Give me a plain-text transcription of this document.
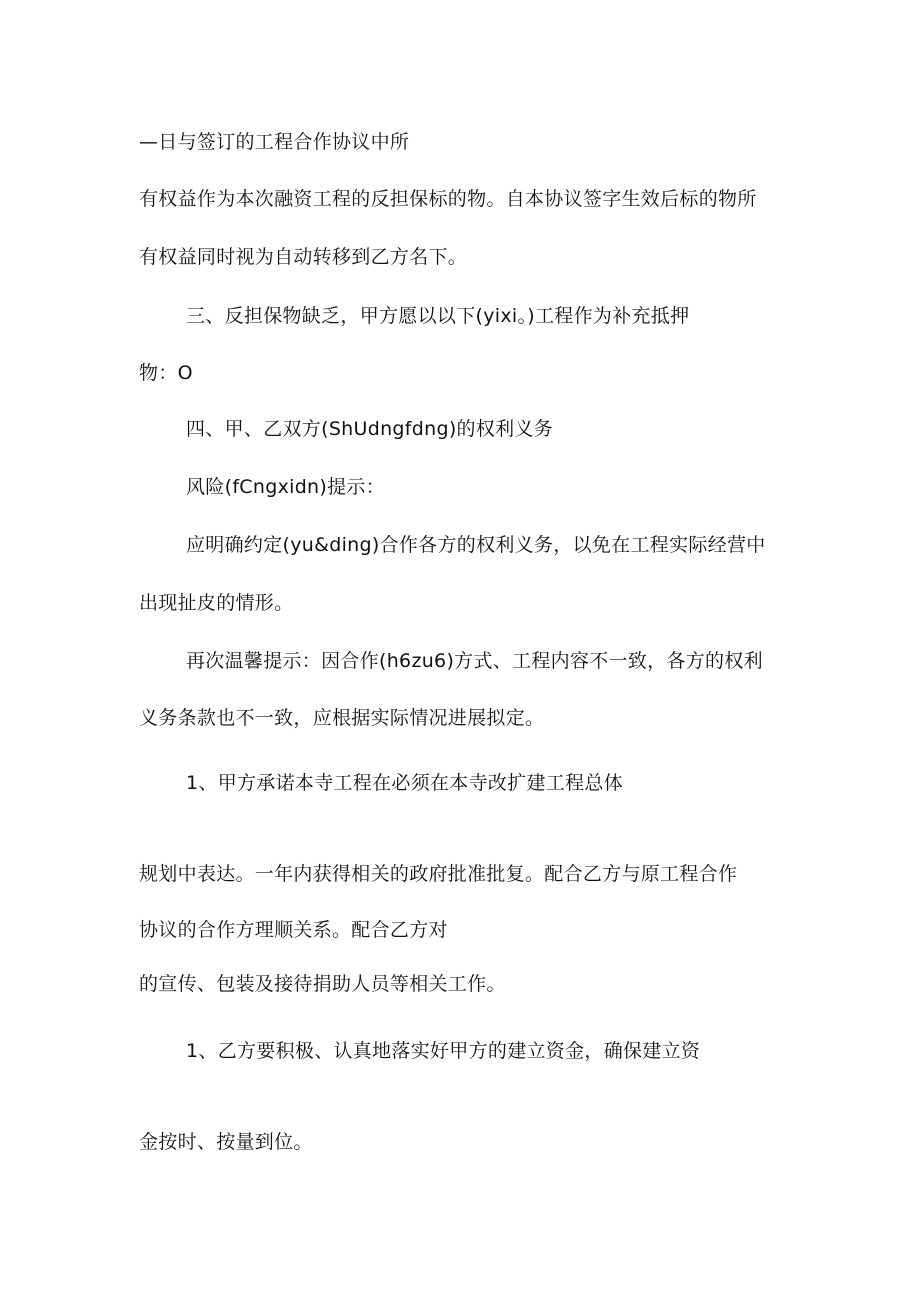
—日与签订的工程合作协议中所
有权益作为本次融资工程的反担保标的物。自本协议签字生效后标的物所
有权益同时视为自动转移到乙方名下。
三、反担保物缺乏，甲方愿以以下(yixi。)工程作为补充抵押
物：O
四、甲、乙双方(ShUdngfdng)的权利义务
风险(fCngxidn)提示：
应明确约定(yu&ding)合作各方的权利义务，以免在工程实际经营中
出现扯皮的情形。
再次温馨提示：因合作(h6zu6)方式、工程内容不一致，各方的权利
义务条款也不一致，应根据实际情况进展拟定。
1、甲方承诺本寺工程在必须在本寺改扩建工程总体
规划中表达。一年内获得相关的政府批准批复。配合乙方与原工程合作
协议的合作方理顺关系。配合乙方对
的宣传、包装及接待捐助人员等相关工作。
1、乙方要积极、认真地落实好甲方的建立资金，确保建立资
金按时、按量到位。
